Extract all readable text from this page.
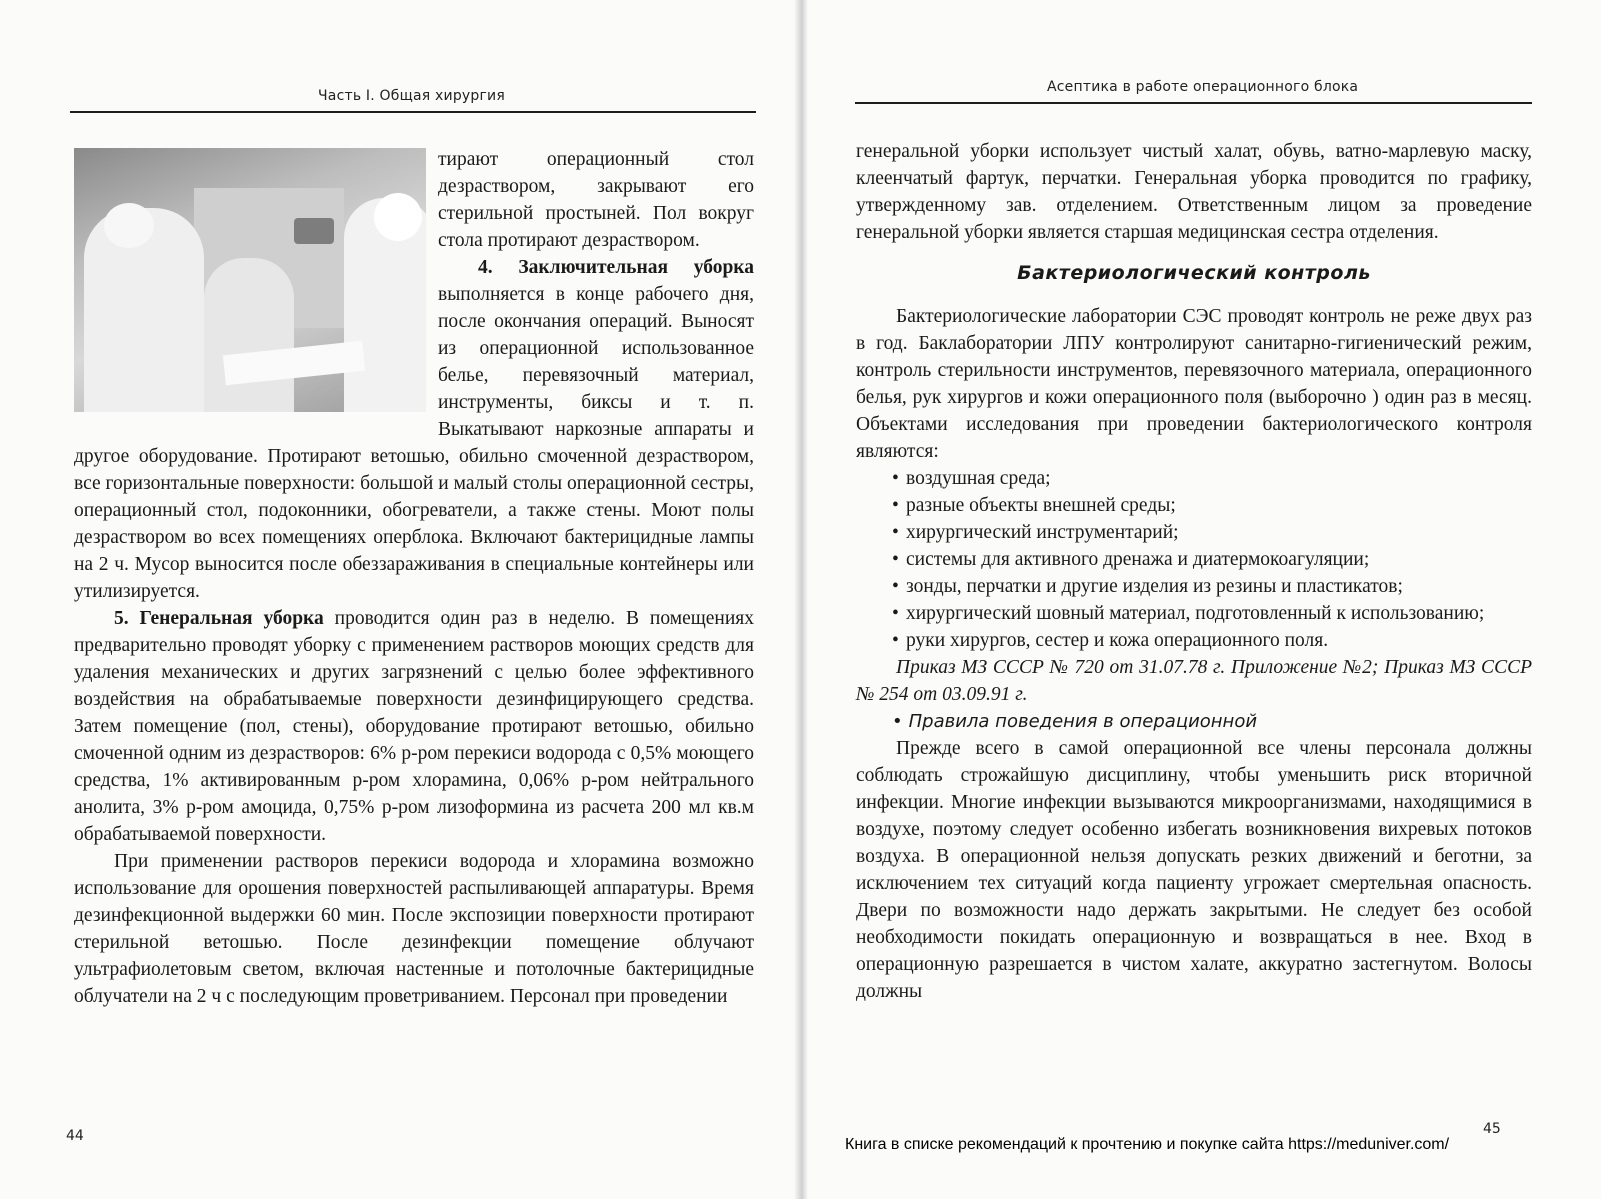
Часть I. Общая хирургия

тирают операционный стол дезраствором, закрывают его стерильной простыней. Пол вокруг стола протирают дезраствором.

4. Заключительная уборка выполняется в конце рабочего дня, после окончания операций. Выносят из операционной использованное белье, перевязочный материал, инструменты, биксы и т. п. Выкатывают наркозные аппараты и другое оборудование. Протирают ветошью, обильно смоченной дезраствором, все горизонтальные поверхности: большой и малый столы операционной сестры, операционный стол, подоконники, обогреватели, а также стены. Моют полы дезраствором во всех помещениях оперблока. Включают бактерицидные лампы на 2 ч. Мусор выносится после обеззараживания в специальные контейнеры или утилизируется.

5. Генеральная уборка проводится один раз в неделю. В помещениях предварительно проводят уборку с применением растворов моющих средств для удаления механических и других загрязнений с целью более эффективного воздействия на обрабатываемые поверхности дезинфицирующего средства. Затем помещение (пол, стены), оборудование протирают ветошью, обильно смоченной одним из дезрастворов: 6% р-ром перекиси водорода с 0,5% моющего средства, 1% активированным р-ром хлорамина, 0,06% р-ром нейтрального анолита, 3% р-ром амоцида, 0,75% р-ром лизоформина из расчета 200 мл кв.м обрабатываемой поверхности.

При применении растворов перекиси водорода и хлорамина возможно использование для орошения поверхностей распыливающей аппаратуры. Время дезинфекционной выдержки 60 мин. После экспозиции поверхности протирают стерильной ветошью. После дезинфекции помещение облучают ультрафиолетовым светом, включая настенные и потолочные бактерицидные облучатели на 2 ч с последующим проветриванием. Персонал при проведении

44
Асептика в работе операционного блока

генеральной уборки использует чистый халат, обувь, ватно-марлевую маску, клеенчатый фартук, перчатки. Генеральная уборка проводится по графику, утвержденному зав. отделением. Ответственным лицом за проведение генеральной уборки является старшая медицинская сестра отделения.

Бактериологический контроль

Бактериологические лаборатории СЭС проводят контроль не реже двух раз в год. Баклаборатории ЛПУ контролируют санитарно-гигиенический режим, контроль стерильности инструментов, перевязочного материала, операционного белья, рук хирургов и кожи операционного поля (выборочно ) один раз в месяц. Объектами исследования при проведении бактериологического контроля являются:

• воздушная среда;
• разные объекты внешней среды;
• хирургический инструментарий;
• системы для активного дренажа и диатермокоагуляции;
• зонды, перчатки и другие изделия из резины и пластикатов;
• хирургический шовный материал, подготовленный к использованию;
• руки хирургов, сестер и кожа операционного поля.

Приказ МЗ СССР № 720 от 31.07.78 г. Приложение №2; Приказ МЗ СССР № 254 от 03.09.91 г.

• Правила поведения в операционной

Прежде всего в самой операционной все члены персонала должны соблюдать строжайшую дисциплину, чтобы уменьшить риск вторичной инфекции. Многие инфекции вызываются микроорганизмами, находящимися в воздухе, поэтому следует особенно избегать возникновения вихревых потоков воздуха. В операционной нельзя допускать резких движений и беготни, за исключением тех ситуаций когда пациенту угрожает смертельная опасность. Двери по возможности надо держать закрытыми. Не следует без особой необходимости покидать операционную и возвращаться в нее. Вход в операционную разрешается в чистом халате, аккуратно застегнутом. Волосы должны

45
Книга в списке рекомендаций к прочтению и покупке сайта https://meduniver.com/
